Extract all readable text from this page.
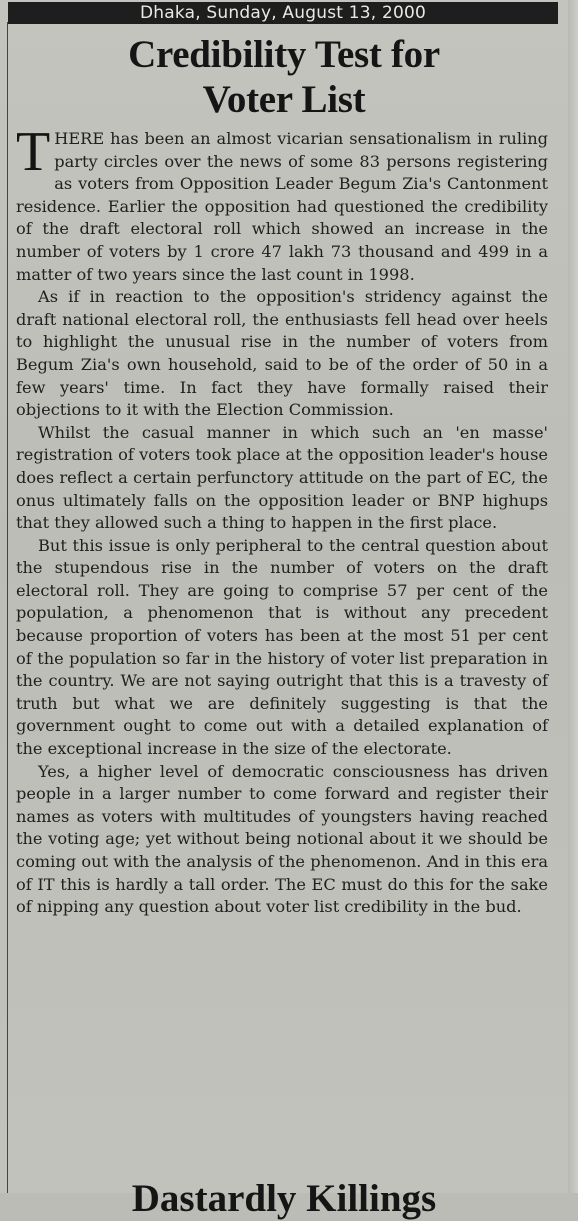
Dhaka, Sunday, August 13, 2000
Credibility Test for
Voter List

THERE has been an almost vicarian sensationalism in ruling party circles over the news of some 83 persons registering as voters from Opposition Leader Begum Zia's Cantonment residence. Earlier the opposition had questioned the credibility of the draft electoral roll which showed an increase in the number of voters by 1 crore 47 lakh 73 thousand and 499 in a matter of two years since the last count in 1998.

As if in reaction to the opposition's stridency against the draft national electoral roll, the enthusiasts fell head over heels to highlight the unusual rise in the number of voters from Begum Zia's own household, said to be of the order of 50 in a few years' time. In fact they have formally raised their objections to it with the Election Commission.

Whilst the casual manner in which such an 'en masse' registration of voters took place at the opposition leader's house does reflect a certain perfunctory attitude on the part of EC, the onus ultimately falls on the opposition leader or BNP highups that they allowed such a thing to happen in the first place.

But this issue is only peripheral to the central question about the stupendous rise in the number of voters on the draft electoral roll. They are going to comprise 57 per cent of the population, a phenomenon that is without any precedent because proportion of voters has been at the most 51 per cent of the population so far in the history of voter list preparation in the country. We are not saying outright that this is a travesty of truth but what we are definitely suggesting is that the government ought to come out with a detailed explanation of the exceptional increase in the size of the electorate.

Yes, a higher level of democratic consciousness has driven people in a larger number to come forward and register their names as voters with multitudes of youngsters having reached the voting age; yet without being notional about it we should be coming out with the analysis of the phenomenon. And in this era of IT this is hardly a tall order. The EC must do this for the sake of nipping any question about voter list credibility in the bud.

Dastardly Killings
